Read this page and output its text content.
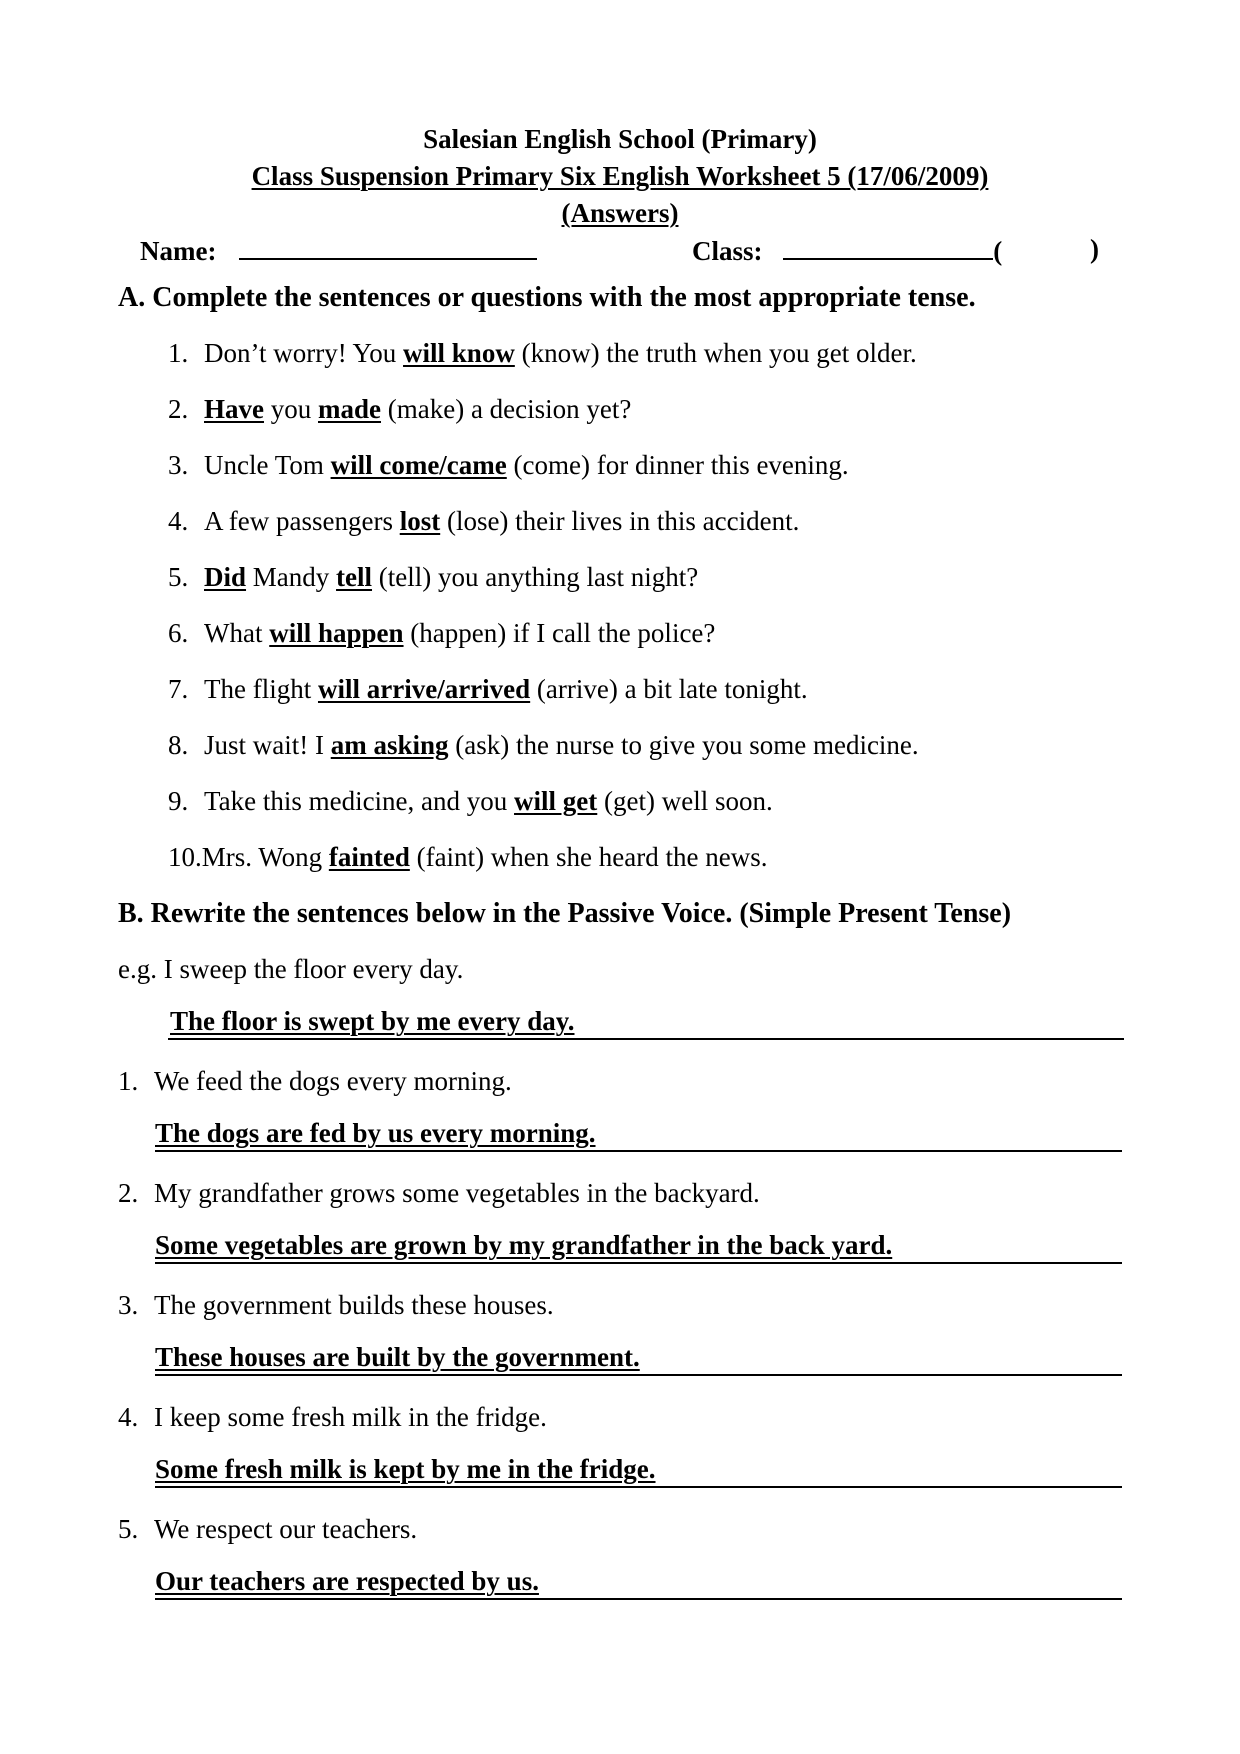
Salesian English School (Primary)
Class Suspension Primary Six English Worksheet 5 (17/06/2009)
(Answers)
Name:	Class:	(	)
A. Complete the sentences or questions with the most appropriate tense.
1. Don’t worry! You will know (know) the truth when you get older.
2. Have you made (make) a decision yet?
3. Uncle Tom will come/came (come) for dinner this evening.
4. A few passengers lost (lose) their lives in this accident.
5. Did Mandy tell (tell) you anything last night?
6. What will happen (happen) if I call the police?
7. The flight will arrive/arrived (arrive) a bit late tonight.
8. Just wait! I am asking (ask) the nurse to give you some medicine.
9. Take this medicine, and you will get (get) well soon.
10.Mrs. Wong fainted (faint) when she heard the news.
B. Rewrite the sentences below in the Passive Voice. (Simple Present Tense)
e.g. I sweep the floor every day.
The floor is swept by me every day.
1. We feed the dogs every morning.
The dogs are fed by us every morning.
2. My grandfather grows some vegetables in the backyard.
Some vegetables are grown by my grandfather in the back yard.
3. The government builds these houses.
These houses are built by the government.
4. I keep some fresh milk in the fridge.
Some fresh milk is kept by me in the fridge.
5. We respect our teachers.
Our teachers are respected by us.
